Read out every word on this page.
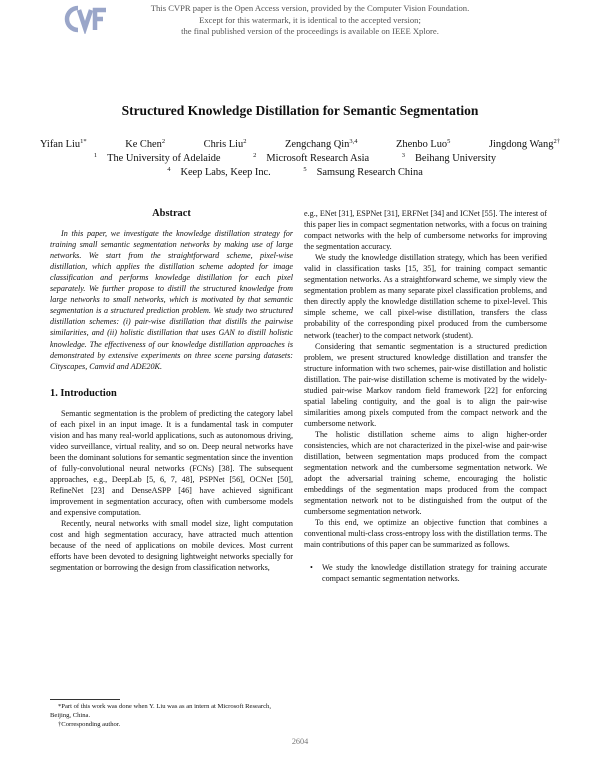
This CVPR paper is the Open Access version, provided by the Computer Vision Foundation.
Except for this watermark, it is identical to the accepted version;
the final published version of the proceedings is available on IEEE Xplore.
Structured Knowledge Distillation for Semantic Segmentation
Yifan Liu$^{1*}$	Ke Chen$^2$	Chris Liu$^2$	Zengchang Qin$^{3,4}$	Zhenbo Luo$^5$	Jingdong Wang$^{2\dagger}$
$^1$ The University of Adelaide	$^2$ Microsoft Research Asia	$^3$ Beihang University
$^4$ Keep Labs, Keep Inc.	$^5$ Samsung Research China
Abstract

In this paper, we investigate the knowledge distillation strategy for training small semantic segmentation networks by making use of large networks. We start from the straightforward scheme, pixel-wise distillation, which applies the distillation scheme adopted for image classification and performs knowledge distillation for each pixel separately. We further propose to distill the structured knowledge from large networks to small networks, which is motivated by that semantic segmentation is a structured prediction problem. We study two structured distillation schemes: (i) pair-wise distillation that distills the pairwise similarities, and (ii) holistic distillation that uses GAN to distill holistic knowledge. The effectiveness of our knowledge distillation approaches is demonstrated by extensive experiments on three scene parsing datasets: Cityscapes, Camvid and ADE20K.

1. Introduction

Semantic segmentation is the problem of predicting the category label of each pixel in an input image. It is a fundamental task in computer vision and has many real-world applications, such as autonomous driving, video surveillance, virtual reality, and so on. Deep neural networks have been the dominant solutions for semantic segmentation since the invention of fully-convolutional neural networks (FCNs) [38]. The subsequent approaches, e.g., DeepLab [5, 6, 7, 48], PSPNet [56], OCNet [50], RefineNet [23] and DenseASPP [46] have achieved significant improvement in segmentation accuracy, often with cumbersome models and expensive computation.

Recently, neural networks with small model size, light computation cost and high segmentation accuracy, have attracted much attention because of the need of applications on mobile devices. Most current efforts have been devoted to designing lightweight networks specially for segmentation or borrowing the design from classification networks,

*Part of this work was done when Y. Liu was as an intern at Microsoft Research, Beijing, China.

†Corresponding author.

e.g., ENet [31], ESPNet [31], ERFNet [34] and ICNet [55]. The interest of this paper lies in compact segmentation networks, with a focus on training compact networks with the help of cumbersome networks for improving the segmentation accuracy.

We study the knowledge distillation strategy, which has been verified valid in classification tasks [15, 35], for training compact semantic segmentation networks. As a straightforward scheme, we simply view the segmentation problem as many separate pixel classification problems, and then directly apply the knowledge distillation scheme to pixel-level. This simple scheme, we call pixel-wise distillation, transfers the class probability of the corresponding pixel produced from the cumbersome network (teacher) to the compact network (student).

Considering that semantic segmentation is a structured prediction problem, we present structured knowledge distillation and transfer the structure information with two schemes, pair-wise distillation and holistic distillation. The pair-wise distillation scheme is motivated by the widely-studied pair-wise Markov random field framework [22] for enforcing spatial labeling contiguity, and the goal is to align the pair-wise similarities among pixels computed from the compact network and the cumbersome network.

The holistic distillation scheme aims to align higher-order consistencies, which are not characterized in the pixel-wise and pair-wise distillation, between segmentation maps produced from the compact segmentation network and the cumbersome segmentation network. We adopt the adversarial training scheme, encouraging the holistic embeddings of the segmentation maps produced from the compact segmentation network not to be distinguished from the output of the cumbersome segmentation network.

To this end, we optimize an objective function that combines a conventional multi-class cross-entropy loss with the distillation terms. The main contributions of this paper can be summarized as follows.

•	We study the knowledge distillation strategy for training accurate compact semantic segmentation networks.
2604
